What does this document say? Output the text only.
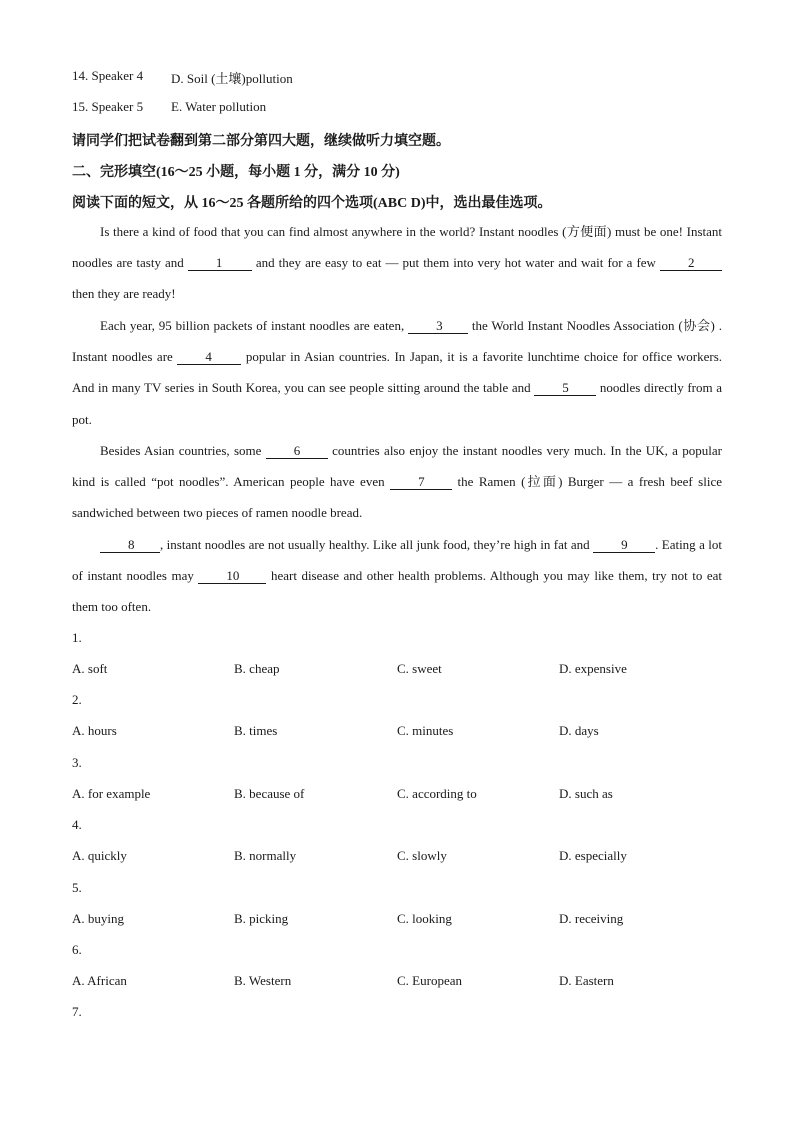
14. Speaker 4 D. Soil (土壤)pollution
15. Speaker 5 E. Water pollution
请同学们把试卷翻到第二部分第四大题，继续做听力填空题。
二、完形填空(16～25 小题，每小题 1 分，满分 10 分)
阅读下面的短文，从 16～25 各题所给的四个选项(ABC D)中，选出最佳选项。
Is there a kind of food that you can find almost anywhere in the world? Instant noodles (方便面) must be one! Instant noodles are tasty and 1 and they are easy to eat — put them into very hot water and wait for a few 2 then they are ready!
Each year, 95 billion packets of instant noodles are eaten, 3 the World Instant Noodles Association (协会) . Instant noodles are 4 popular in Asian countries. In Japan, it is a favorite lunchtime choice for office workers. And in many TV series in South Korea, you can see people sitting around the table and 5 noodles directly from a pot.
Besides Asian countries, some 6 countries also enjoy the instant noodles very much. In the UK, a popular kind is called “pot noodles”. American people have even 7 the Ramen (拉面) Burger — a fresh beef slice sandwiched between two pieces of ramen noodle bread.
8 , instant noodles are not usually healthy. Like all junk food, they’re high in fat and 9 . Eating a lot of instant noodles may 10 heart disease and other health problems. Although you may like them, try not to eat them too often.
1.
A. soft	B. cheap	C. sweet	D. expensive
2.
A. hours	B. times	C. minutes	D. days
3.
A. for example	B. because of	C. according to	D. such as
4.
A. quickly	B. normally	C. slowly	D. especially
5.
A. buying	B. picking	C. looking	D. receiving
6.
A. African	B. Western	C. European	D. Eastern
7.
